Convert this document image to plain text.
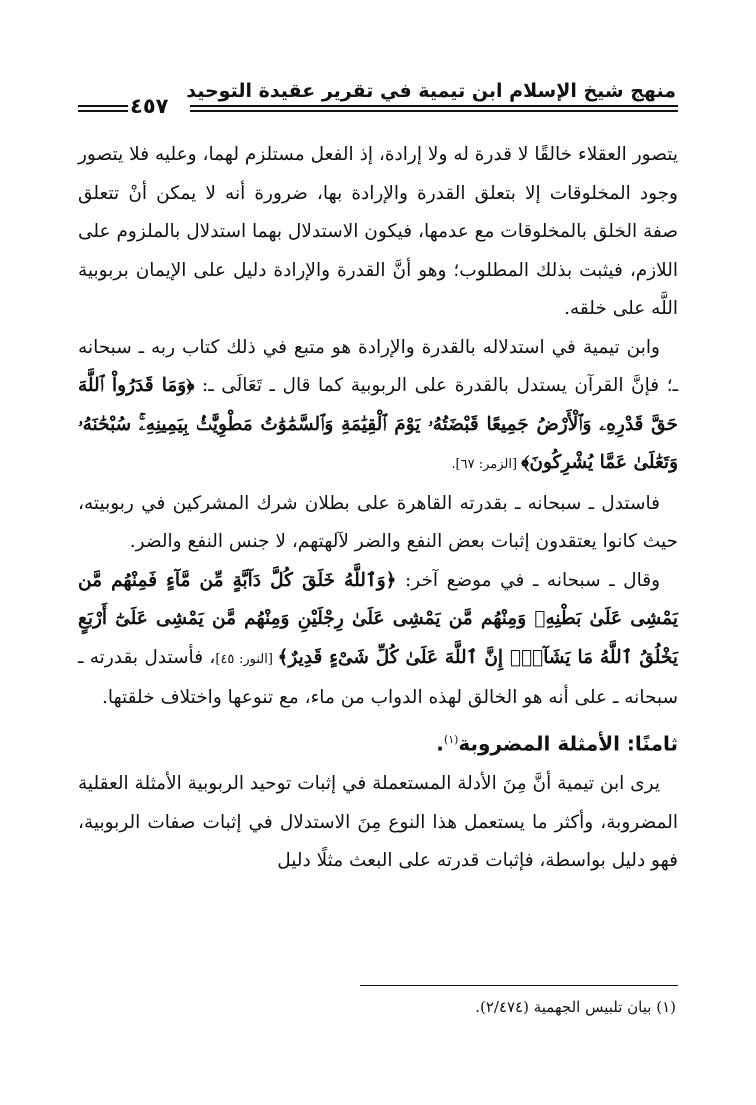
منهج شيخ الإسلام ابن تيمية في تقرير عقيدة التوحيد
٤٥٧

يتصور العقلاء خالقًا لا قدرة له ولا إرادة، إذ الفعل مستلزم لهما، وعليه فلا يتصور وجود المخلوقات إلا بتعلق القدرة والإرادة بها، ضرورة أنه لا يمكن أنْ تتعلق صفة الخلق بالمخلوقات مع عدمها، فيكون الاستدلال بهما استدلال بالملزوم على اللازم، فيثبت بذلك المطلوب؛ وهو أنَّ القدرة والإرادة دليل على الإيمان بربوبية اللَّه على خلقه.

وابن تيمية في استدلاله بالقدرة والإرادة هو متبع في ذلك كتاب ربه ـ سبحانه ـ؛ فإنَّ القرآن يستدل بالقدرة على الربوبية كما قال ـ تَعَالَى ـ: ﴿وَمَا قَدَرُواْ ٱللَّهَ حَقَّ قَدْرِهِۦ وَٱلْأَرْضُ جَمِيعًا قَبْضَتُهُۥ يَوْمَ ٱلْقِيَٰمَةِ وَٱلسَّمَٰوَٰتُ مَطْوِيَّٰتُۢ بِيَمِينِهِۦۚ سُبْحَٰنَهُۥ وَتَعَٰلَىٰ عَمَّا يُشْرِكُونَ﴾ [الزمر: ٦٧].

فاستدل ـ سبحانه ـ بقدرته القاهرة على بطلان شرك المشركين في ربوبيته، حيث كانوا يعتقدون إثبات بعض النفع والضر لآلهتهم، لا جنس النفع والضر.

وقال ـ سبحانه ـ في موضع آخر: ﴿وَٱللَّهُ خَلَقَ كُلَّ دَآبَّةٍ مِّن مَّآءٍ فَمِنْهُم مَّن يَمْشِى عَلَىٰ بَطْنِهِۦ وَمِنْهُم مَّن يَمْشِى عَلَىٰ رِجْلَيْنِ وَمِنْهُم مَّن يَمْشِى عَلَىٰٓ أَرْبَعٍ يَخْلُقُ ٱللَّهُ مَا يَشَآءُۚ إِنَّ ٱللَّهَ عَلَىٰ كُلِّ شَىْءٍ قَدِيرٌ﴾ [النور: ٤٥]، فأستدل بقدرته ـ سبحانه ـ على أنه هو الخالق لهذه الدواب من ماء، مع تنوعها واختلاف خلقتها.

ثامنًا: الأمثلة المضروبة$^{(١)}$.

يرى ابن تيمية أنَّ مِنَ الأدلة المستعملة في إثبات توحيد الربوبية الأمثلة العقلية المضروبة، وأكثر ما يستعمل هذا النوع مِنَ الاستدلال في إثبات صفات الربوبية، فهو دليل بواسطة، فإثبات قدرته على البعث مثلًا دليل

(١) بيان تلبيس الجهمية (٢/٤٧٤).
